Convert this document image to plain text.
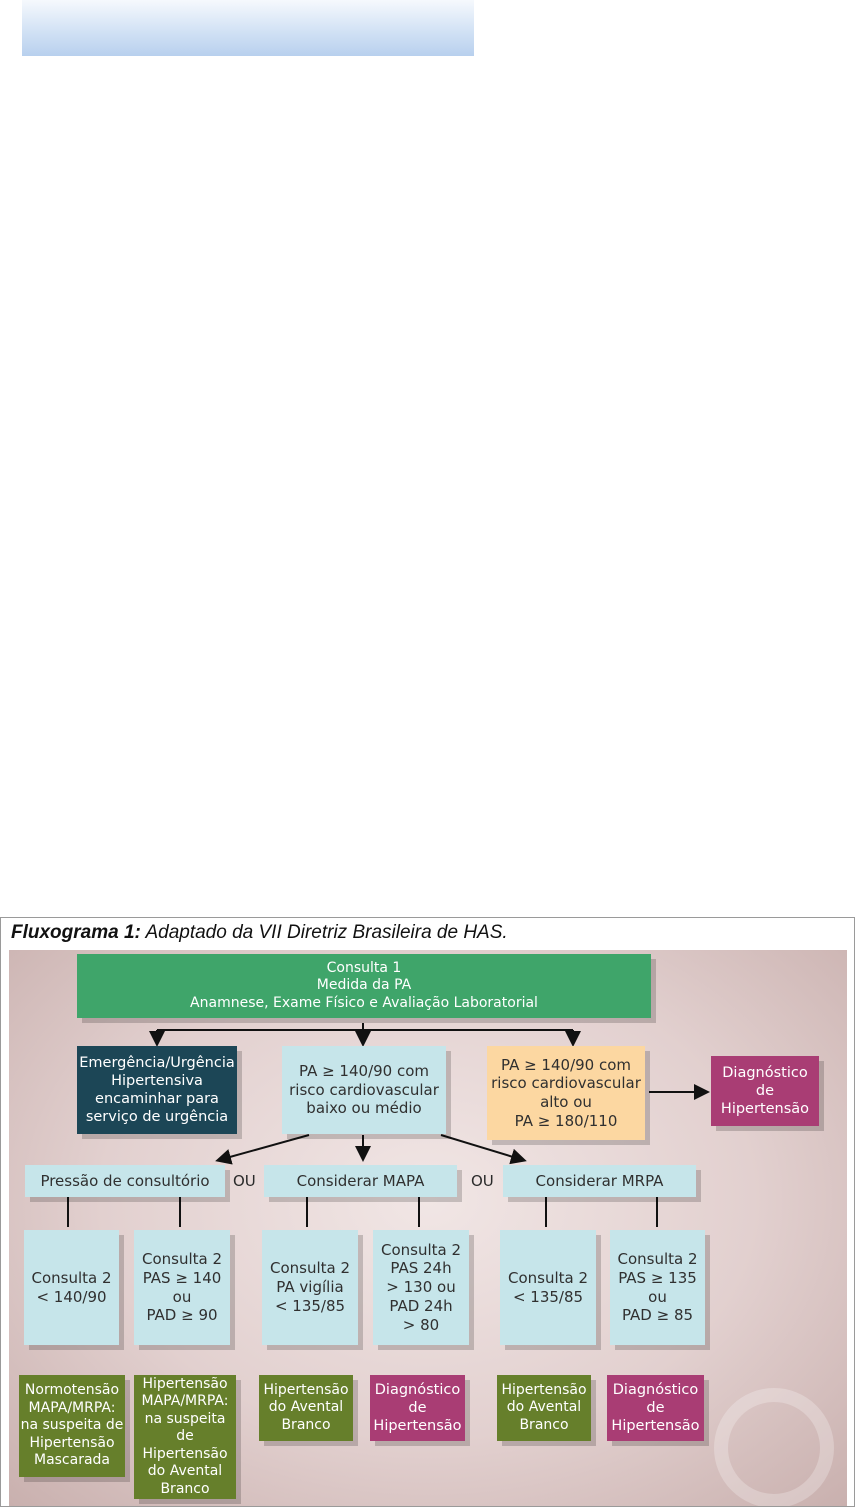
Fluxograma 1: Adaptado da VII Diretriz Brasileira de HAS.
Consulta 1
Medida da PA
Anamnese, Exame Físico e Avaliação Laboratorial
Emergência/Urgência
Hipertensiva
encaminhar para
serviço de urgência
PA ≥ 140/90 com
risco cardiovascular
baixo ou médio
PA ≥ 140/90 com
risco cardiovascular
alto ou
PA ≥ 180/110
Diagnóstico
de
Hipertensão
Pressão de consultório	OU	Considerar MAPA	OU	Considerar MRPA
Consulta 2
< 140/90
Consulta 2
PAS ≥ 140
ou
PAD ≥ 90
Consulta 2
PA vigília
< 135/85
Consulta 2
PAS 24h
> 130 ou
PAD 24h
> 80
Consulta 2
< 135/85
Consulta 2
PAS ≥ 135
ou
PAD ≥ 85
Normotensão
MAPA/MRPA:
na suspeita de
Hipertensão
Mascarada
Hipertensão
MAPA/MRPA:
na suspeita de
Hipertensão
do Avental
Branco
Hipertensão
do Avental
Branco
Diagnóstico
de
Hipertensão
Hipertensão
do Avental
Branco
Diagnóstico
de
Hipertensão
